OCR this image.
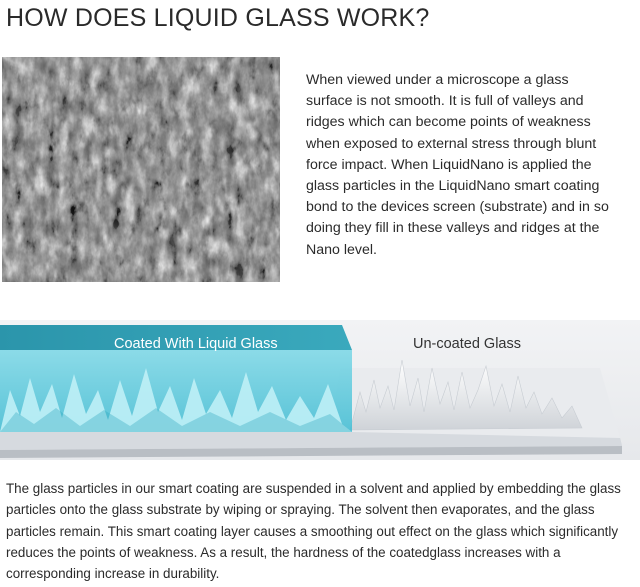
HOW DOES LIQUID GLASS WORK?

When viewed under a microscope a glass surface is not smooth. It is full of valleys and ridges which can become points of weakness when exposed to external stress through blunt force impact. When LiquidNano is applied the glass particles in the LiquidNano smart coating bond to the devices screen (substrate) and in so doing they fill in these valleys and ridges at the Nano level.

Coated With Liquid Glass	Un-coated Glass

The glass particles in our smart coating are suspended in a solvent and applied by embedding the glass particles onto the glass substrate by wiping or spraying. The solvent then evaporates, and the glass particles remain. This smart coating layer causes a smoothing out effect on the glass which significantly reduces the points of weakness. As a result, the hardness of the coatedglass increases with a corresponding increase in durability.
